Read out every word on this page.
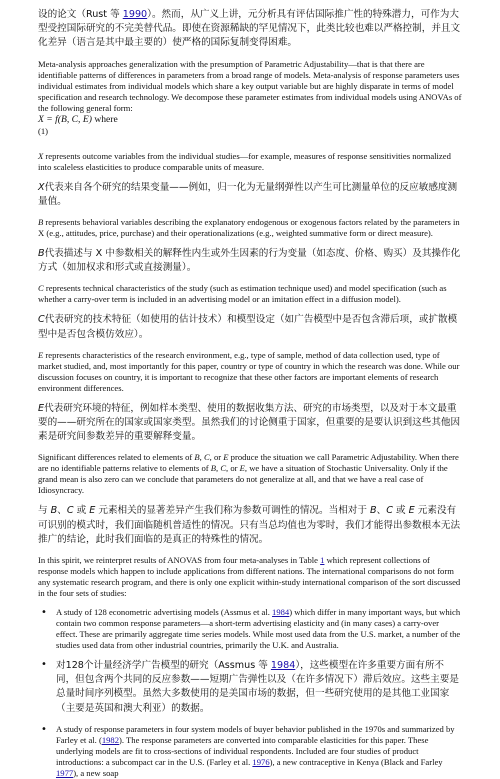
设的论文（Rust 等 1990）。然而，从广义上讲，元分析具有评估国际推广性的特殊潜力，可作为大型受控国际研究的不完美替代品。即使在资源稀缺的罕见情况下，此类比较也难以严格控制，并且文化差异（语言是其中最主要的）使严格的国际复制变得困难。

Meta-analysis approaches generalization with the presumption of Parametric Adjustability—that is that there are identifiable patterns of differences in parameters from a broad range of models. Meta-analysis of response parameters uses individual estimates from individual models which share a key output variable but are highly disparate in terms of model specification and research technology. We decompose these parameter estimates from individual models using ANOVAs of the following general form:

X = f(B, C, E) where

(1)

X represents outcome variables from the individual studies—for example, measures of response sensitivities normalized into scaleless elasticities to produce comparable units of measure.

X代表来自各个研究的结果变量——例如，归一化为无量纲弹性以产生可比测量单位的反应敏感度测量值。

B represents behavioral variables describing the explanatory endogenous or exogenous factors related by the parameters in X (e.g., attitudes, price, purchase) and their operationalizations (e.g., weighted summative form or direct measure).

B代表描述与 X 中参数相关的解释性内生或外生因素的行为变量（如态度、价格、购买）及其操作化方式（如加权求和形式或直接测量）。

C represents technical characteristics of the study (such as estimation technique used) and model specification (such as whether a carry-over term is included in an advertising model or an imitation effect in a diffusion model).

C代表研究的技术特征（如使用的估计技术）和模型设定（如广告模型中是否包含滞后项，或扩散模型中是否包含模仿效应）。

E represents characteristics of the research environment, e.g., type of sample, method of data collection used, type of market studied, and, most importantly for this paper, country or type of country in which the research was done. While our discussion focuses on country, it is important to recognize that these other factors are important elements of research environment differences.

E代表研究环境的特征，例如样本类型、使用的数据收集方法、研究的市场类型，以及对于本文最重要的——研究所在的国家或国家类型。虽然我们的讨论侧重于国家，但重要的是要认识到这些其他因素是研究间参数差异的重要解释变量。

Significant differences related to elements of B, C, or E produce the situation we call Parametric Adjustability. When there are no identifiable patterns relative to elements of B, C, or E, we have a situation of Stochastic Universality. Only if the grand mean is also zero can we conclude that parameters do not generalize at all, and that we have a real case of Idiosyncracy.

与 B、C 或 E 元素相关的显著差异产生我们称为参数可调性的情况。当相对于 B、C 或 E 元素没有可识别的模式时，我们面临随机普适性的情况。只有当总均值也为零时，我们才能得出参数根本无法推广的结论，此时我们面临的是真正的特殊性的情况。

In this spirit, we reinterpret results of ANOVAS from four meta-analyses in Table 1 which represent collections of response models which happen to include applications from different nations. The international comparisons do not form any systematic research program, and there is only one explicit within-study international comparison of the sort discussed in the four sets of studies:

• A study of 128 econometric advertising models (Assmus et al. 1984) which differ in many important ways, but which contain two common response parameters—a short-term advertising elasticity and (in many cases) a carry-over effect. These are primarily aggregate time series models. While most used data from the U.S. market, a number of the studies used data from other industrial countries, primarily the U.K. and Australia.

• 对128个计量经济学广告模型的研究（Assmus 等 1984），这些模型在许多重要方面有所不同，但包含两个共同的反应参数——短期广告弹性以及（在许多情况下）滞后效应。这些主要是总量时间序列模型。虽然大多数使用的是美国市场的数据，但一些研究使用的是其他工业国家（主要是英国和澳大利亚）的数据。

• A study of response parameters in four system models of buyer behavior published in the 1970s and summarized by Farley et al. (1982). The response parameters are converted into comparable elasticities for this paper. These underlying models are fit to cross-sections of individual respondents. Included are four studies of product introductions: a subcompact car in the U.S. (Farley et al. 1976), a new contraceptive in Kenya (Black and Farley 1977), a new soap
